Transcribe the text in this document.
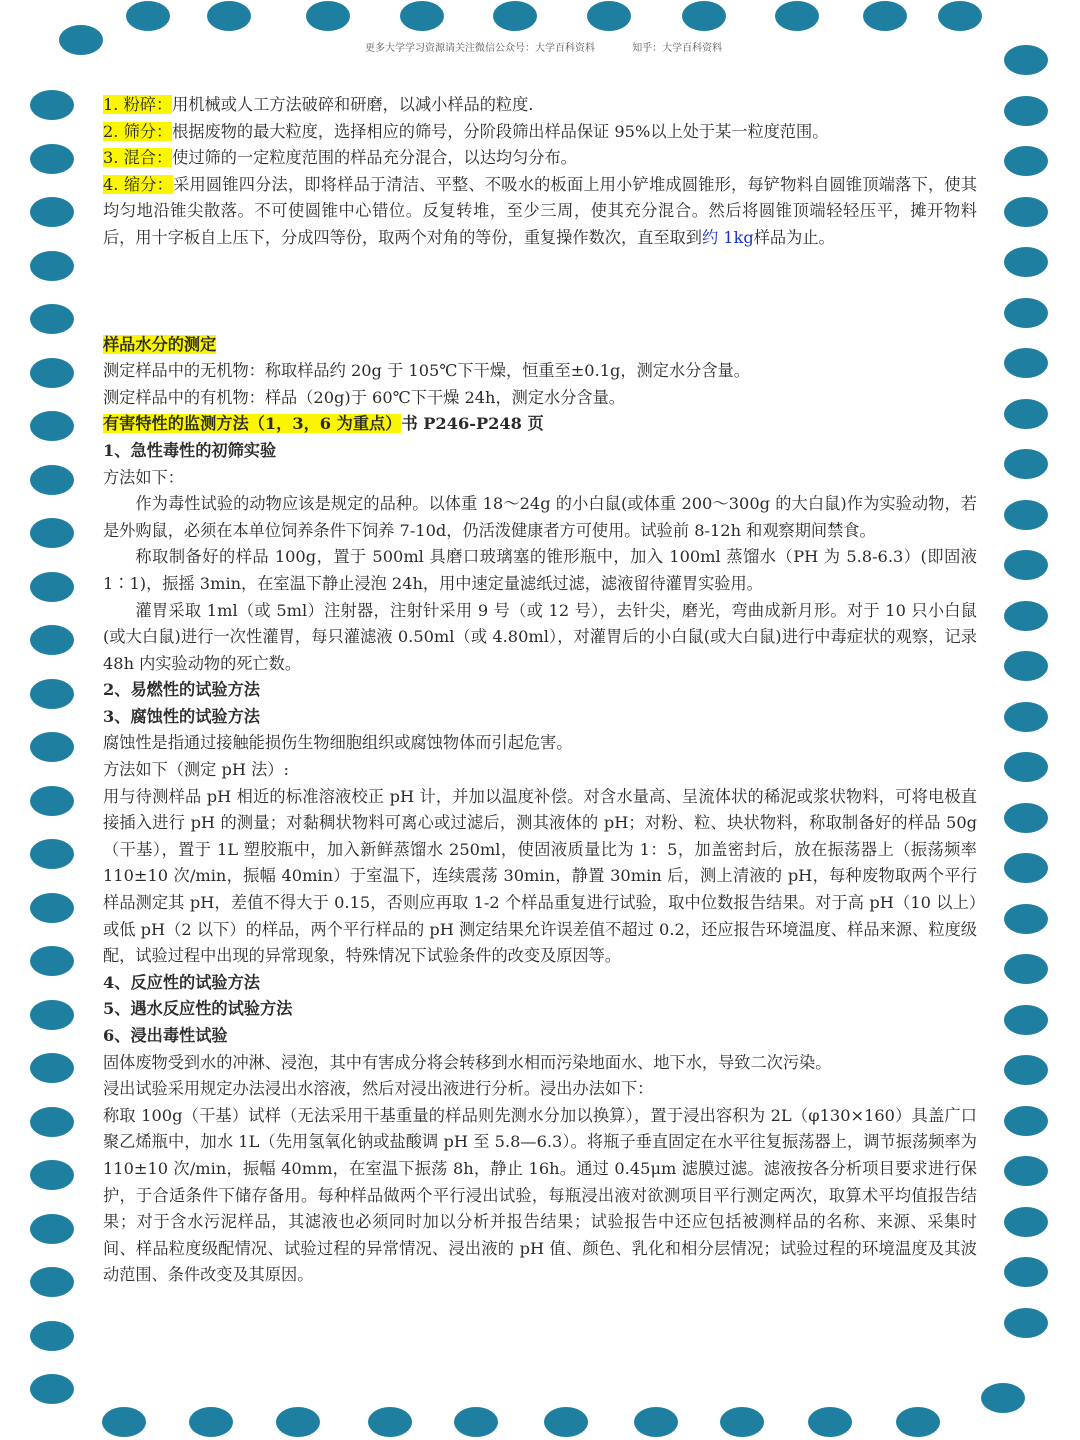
更多大学学习资源请关注微信公众号：大学百科资料	知乎：大学百科资料

1. 粉碎：用机械或人工方法破碎和研磨，以减小样品的粒度.

2. 筛分：根据废物的最大粒度，选择相应的筛号，分阶段筛出样品保证 95%以上处于某一粒度范围。

3. 混合：使过筛的一定粒度范围的样品充分混合，以达均匀分布。

4. 缩分：采用圆锥四分法，即将样品于清洁、平整、不吸水的板面上用小铲堆成圆锥形，每铲物料自圆锥顶端落下，使其均匀地沿锥尖散落。不可使圆锥中心错位。反复转堆，至少三周，使其充分混合。然后将圆锥顶端轻轻压平，摊开物料后，用十字板自上压下，分成四等份，取两个对角的等份，重复操作数次，直至取到约 1kg样品为止。

样品水分的测定

测定样品中的无机物：称取样品约 20g 于 105℃下干燥，恒重至±0.1g，测定水分含量。

测定样品中的有机物：样品（20g)于 60℃下干燥 24h，测定水分含量。

有害特性的监测方法（1，3，6 为重点）书 P246-P248 页

1、急性毒性的初筛实验

方法如下：

作为毒性试验的动物应该是规定的品种。以体重 18～24g 的小白鼠(或体重 200～300g 的大白鼠)作为实验动物，若是外购鼠，必须在本单位饲养条件下饲养 7-10d，仍活泼健康者方可使用。试验前 8-12h 和观察期间禁食。

称取制备好的样品 100g，置于 500ml 具磨口玻璃塞的锥形瓶中，加入 100ml 蒸馏水（PH 为 5.8-6.3）(即固液 1∶1)，振摇 3min，在室温下静止浸泡 24h，用中速定量滤纸过滤，滤液留待灌胃实验用。

灌胃采取 1ml（或 5ml）注射器，注射针采用 9 号（或 12 号），去针尖，磨光，弯曲成新月形。对于 10 只小白鼠(或大白鼠)进行一次性灌胃，每只灌滤液 0.50ml（或 4.80ml），对灌胃后的小白鼠(或大白鼠)进行中毒症状的观察，记录 48h 内实验动物的死亡数。

2、易燃性的试验方法

3、腐蚀性的试验方法

腐蚀性是指通过接触能损伤生物细胞组织或腐蚀物体而引起危害。

方法如下（测定 pH 法）:

用与待测样品 pH 相近的标准溶液校正 pH 计，并加以温度补偿。对含水量高、呈流体状的稀泥或浆状物料，可将电极直接插入进行 pH 的测量；对黏稠状物料可离心或过滤后，测其液体的 pH；对粉、粒、块状物料，称取制备好的样品 50g（干基），置于 1L 塑胶瓶中，加入新鲜蒸馏水 250ml，使固液质量比为 1：5，加盖密封后，放在振荡器上（振荡频率 110±10 次/min，振幅 40min）于室温下，连续震荡 30min，静置 30min 后，测上清液的 pH，每种废物取两个平行样品测定其 pH，差值不得大于 0.15，否则应再取 1-2 个样品重复进行试验，取中位数报告结果。对于高 pH（10 以上）或低 pH（2 以下）的样品，两个平行样品的 pH 测定结果允许误差值不超过 0.2，还应报告环境温度、样品来源、粒度级配，试验过程中出现的异常现象，特殊情况下试验条件的改变及原因等。

4、反应性的试验方法

5、遇水反应性的试验方法

6、浸出毒性试验

固体废物受到水的冲淋、浸泡，其中有害成分将会转移到水相而污染地面水、地下水，导致二次污染。

浸出试验采用规定办法浸出水溶液，然后对浸出液进行分析。浸出办法如下：

称取 100g（干基）试样（无法采用干基重量的样品则先测水分加以换算），置于浸出容积为 2L（φ130×160）具盖广口聚乙烯瓶中，加水 1L（先用氢氧化钠或盐酸调 pH 至 5.8—6.3）。将瓶子垂直固定在水平往复振荡器上，调节振荡频率为 110±10 次/min，振幅 40mm，在室温下振荡 8h，静止 16h。通过 0.45μm 滤膜过滤。滤液按各分析项目要求进行保护，于合适条件下储存备用。每种样品做两个平行浸出试验，每瓶浸出液对欲测项目平行测定两次，取算术平均值报告结果；对于含水污泥样品，其滤液也必须同时加以分析并报告结果；试验报告中还应包括被测样品的名称、来源、采集时间、样品粒度级配情况、试验过程的异常情况、浸出液的 pH 值、颜色、乳化和相分层情况；试验过程的环境温度及其波动范围、条件改变及其原因。
